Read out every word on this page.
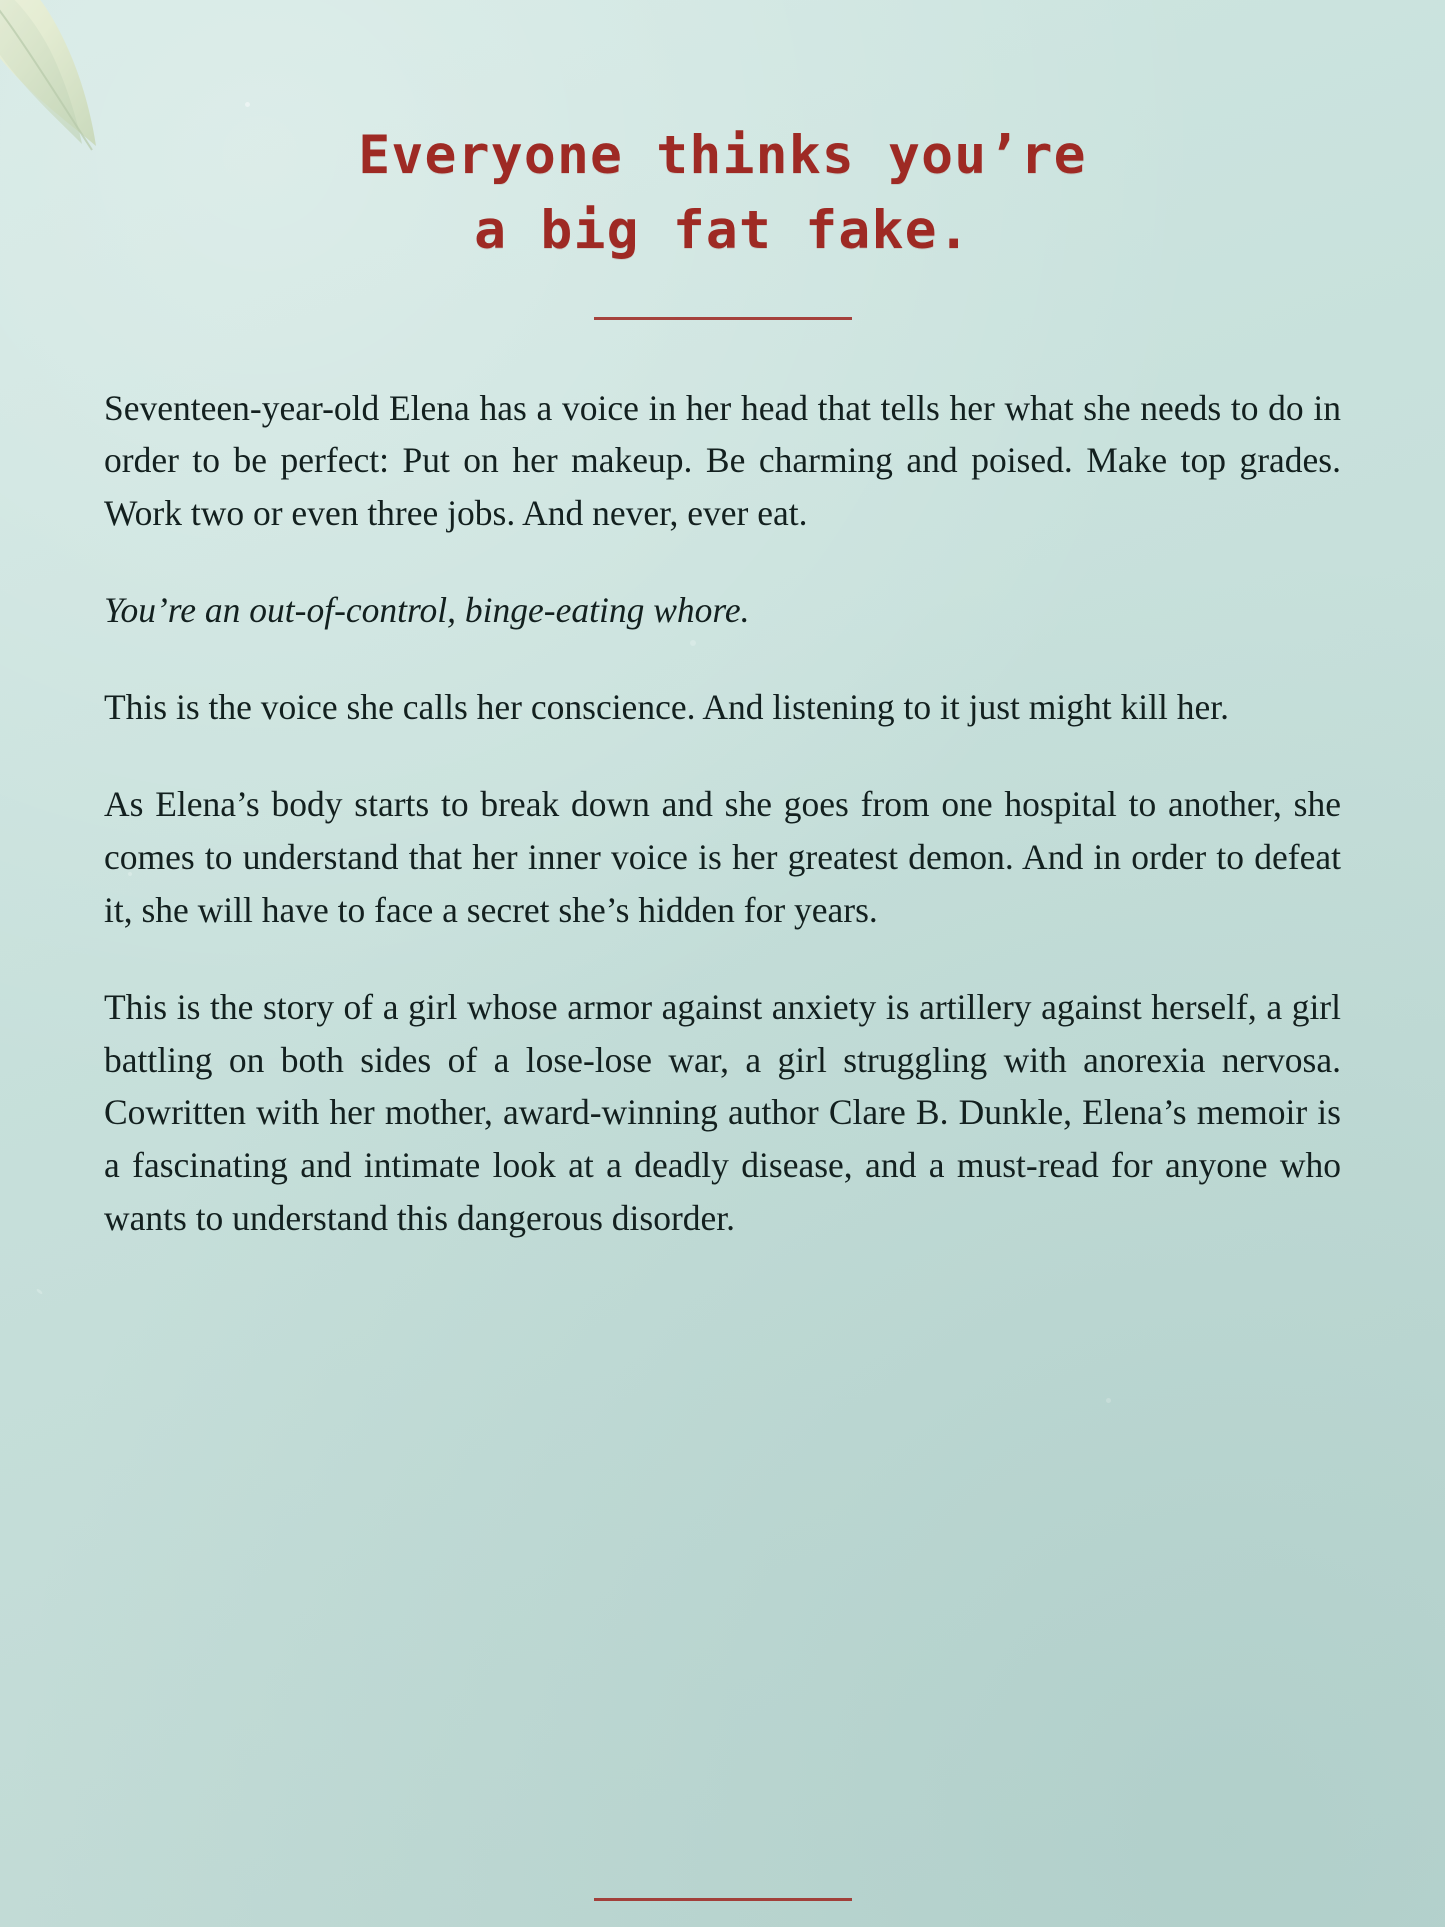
Everyone thinks you’re
a big fat fake.

Seventeen-year-old Elena has a voice in her head that tells her what she needs to do in order to be perfect: Put on her makeup. Be charming and poised. Make top grades. Work two or even three jobs. And never, ever eat.

You’re an out-of-control, binge-eating whore.

This is the voice she calls her conscience. And listening to it just might kill her.

As Elena’s body starts to break down and she goes from one hospital to another, she comes to understand that her inner voice is her greatest demon. And in order to defeat it, she will have to face a secret she’s hidden for years.

This is the story of a girl whose armor against anxiety is artillery against herself, a girl battling on both sides of a lose-lose war, a girl struggling with anorexia nervosa. Cowritten with her mother, award-winning author Clare B. Dunkle, Elena’s memoir is a fascinating and intimate look at a deadly disease, and a must-read for anyone who wants to understand this dangerous disorder.
